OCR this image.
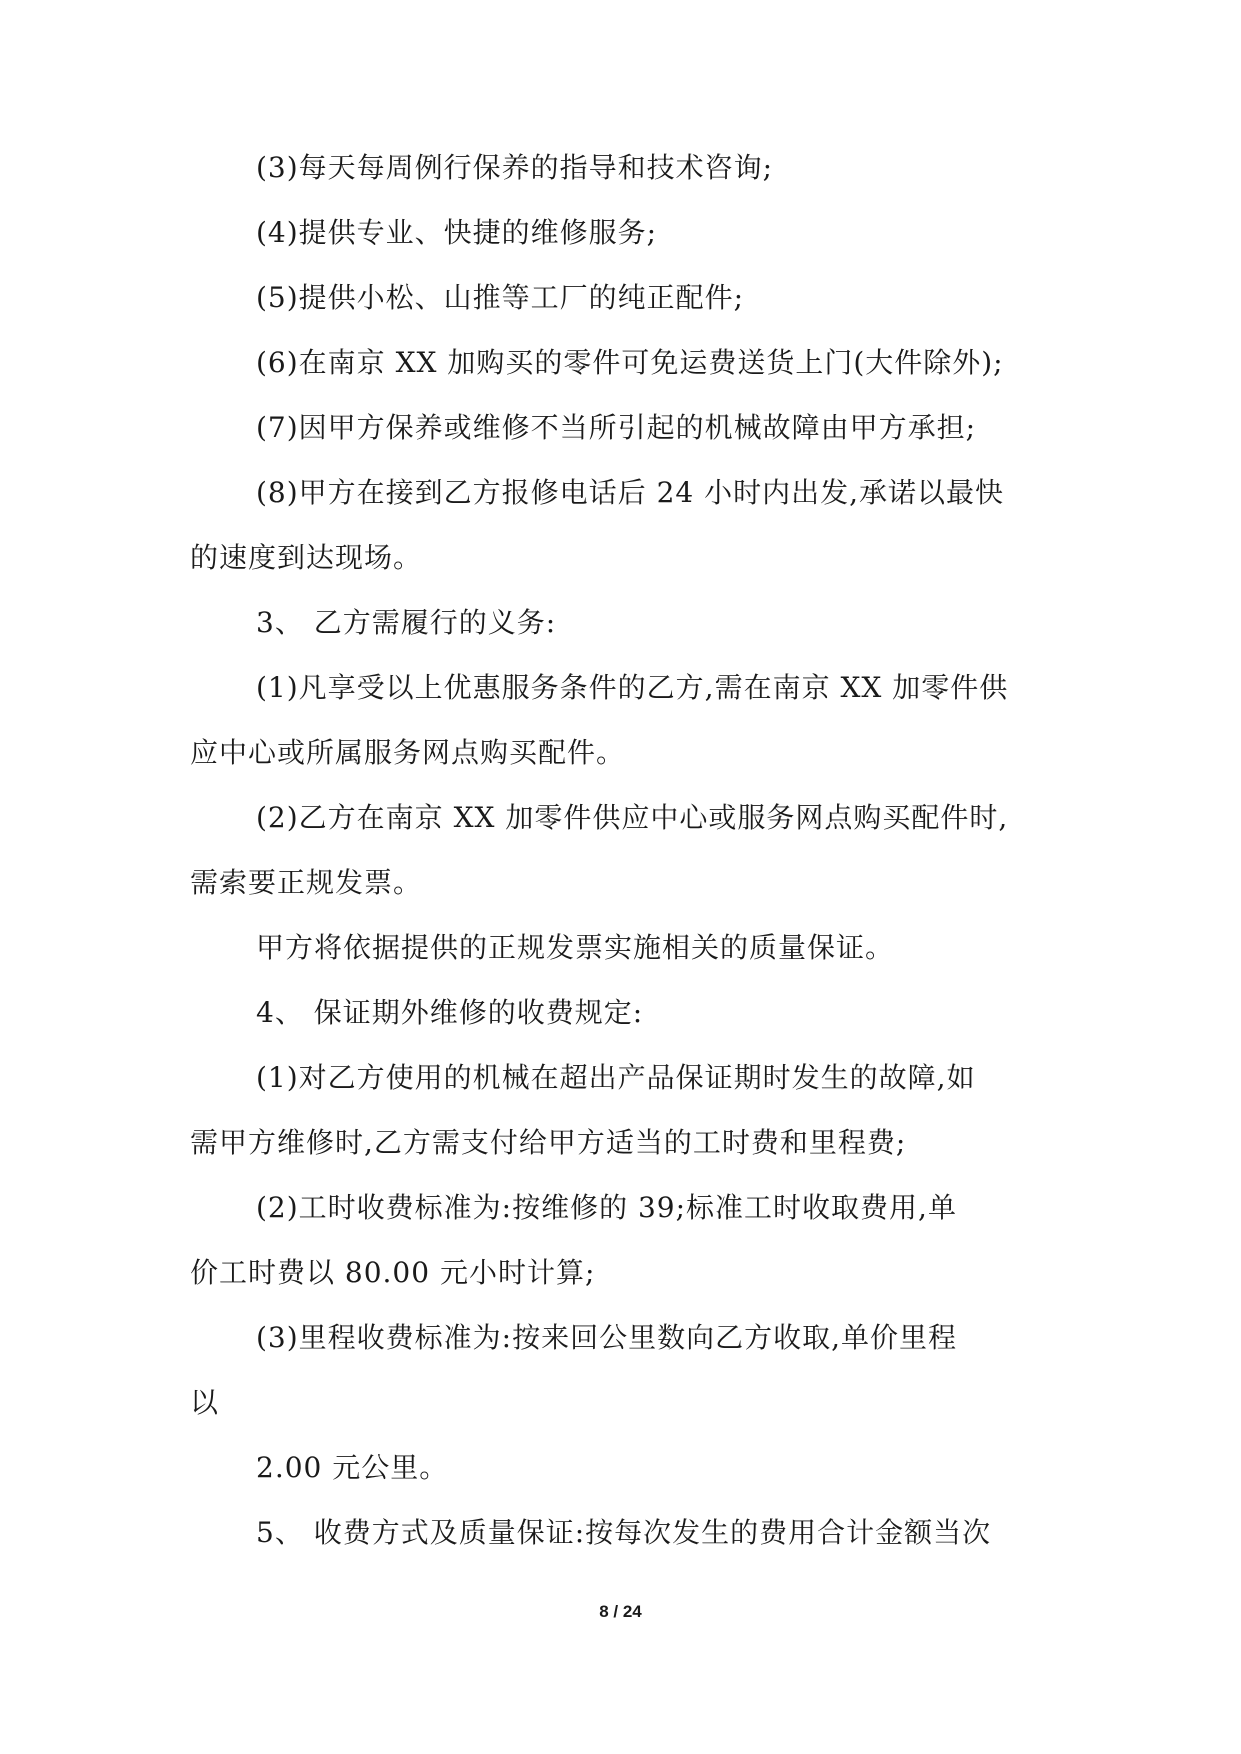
(3)每天每周例行保养的指导和技术咨询;
(4)提供专业、快捷的维修服务;
(5)提供小松、山推等工厂的纯正配件;
(6)在南京 XX 加购买的零件可免运费送货上门(大件除外);
(7)因甲方保养或维修不当所引起的机械故障由甲方承担;
(8)甲方在接到乙方报修电话后 24 小时内出发,承诺以最快
的速度到达现场。
3、 乙方需履行的义务:
(1)凡享受以上优惠服务条件的乙方,需在南京 XX 加零件供
应中心或所属服务网点购买配件。
(2)乙方在南京 XX 加零件供应中心或服务网点购买配件时,
需索要正规发票。
甲方将依据提供的正规发票实施相关的质量保证。
4、 保证期外维修的收费规定:
(1)对乙方使用的机械在超出产品保证期时发生的故障,如
需甲方维修时,乙方需支付给甲方适当的工时费和里程费;
(2)工时收费标准为:按维修的 39;标准工时收取费用,单
价工时费以 80.00 元小时计算;
(3)里程收费标准为:按来回公里数向乙方收取,单价里程
以
2.00 元公里。
5、 收费方式及质量保证:按每次发生的费用合计金额当次
8 / 24
